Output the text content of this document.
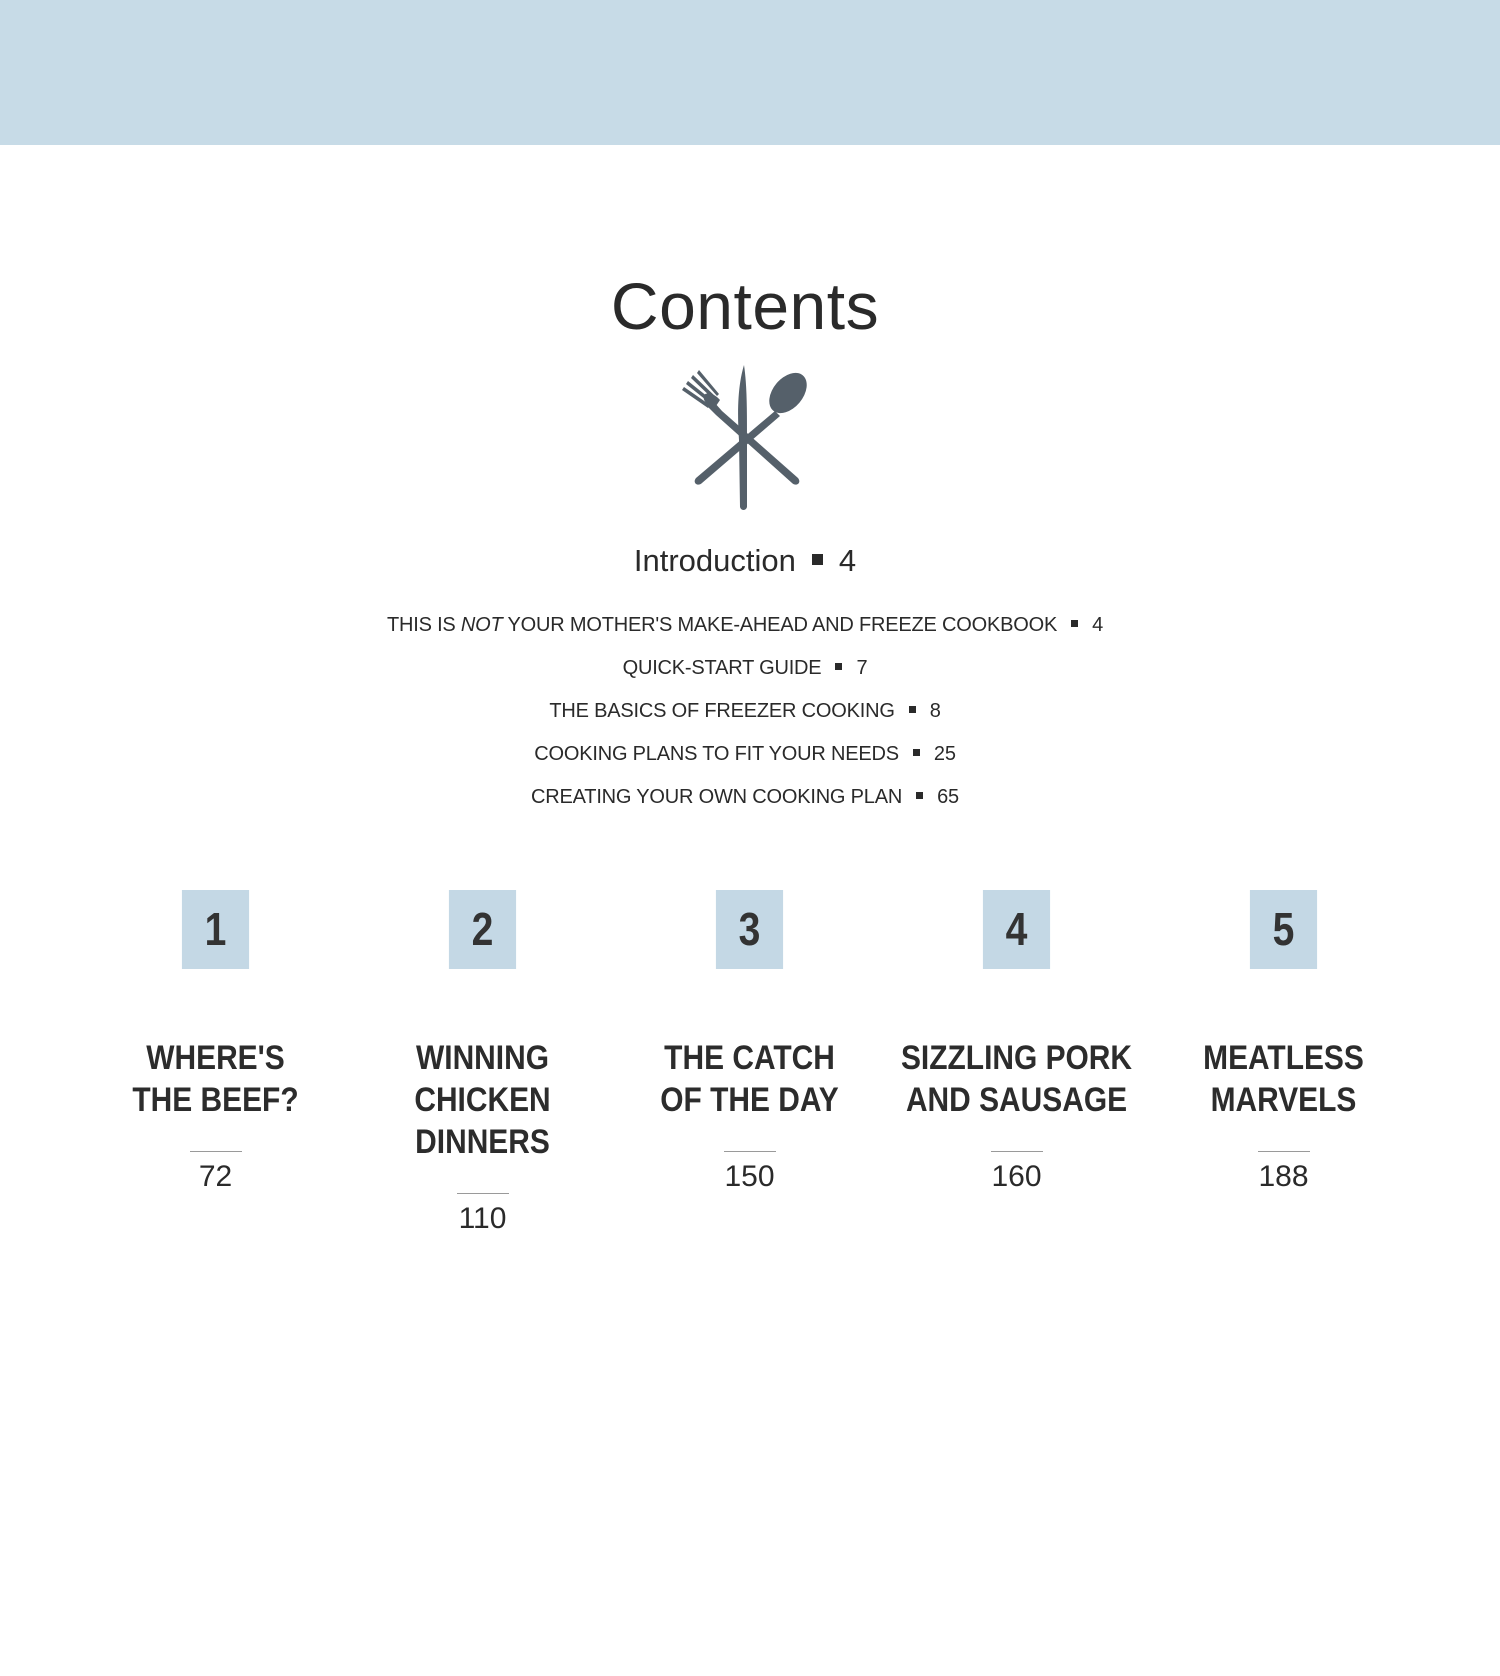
Contents
Introduction 4
THIS IS NOT YOUR MOTHER'S MAKE-AHEAD AND FREEZE COOKBOOK 4
QUICK-START GUIDE 7
THE BASICS OF FREEZER COOKING 8
COOKING PLANS TO FIT YOUR NEEDS 25
CREATING YOUR OWN COOKING PLAN 65
1
WHERE'S
THE BEEF?
72
2
WINNING
CHICKEN
DINNERS
110
3
THE CATCH
OF THE DAY
150
4
SIZZLING PORK
AND SAUSAGE
160
5
MEATLESS
MARVELS
188
